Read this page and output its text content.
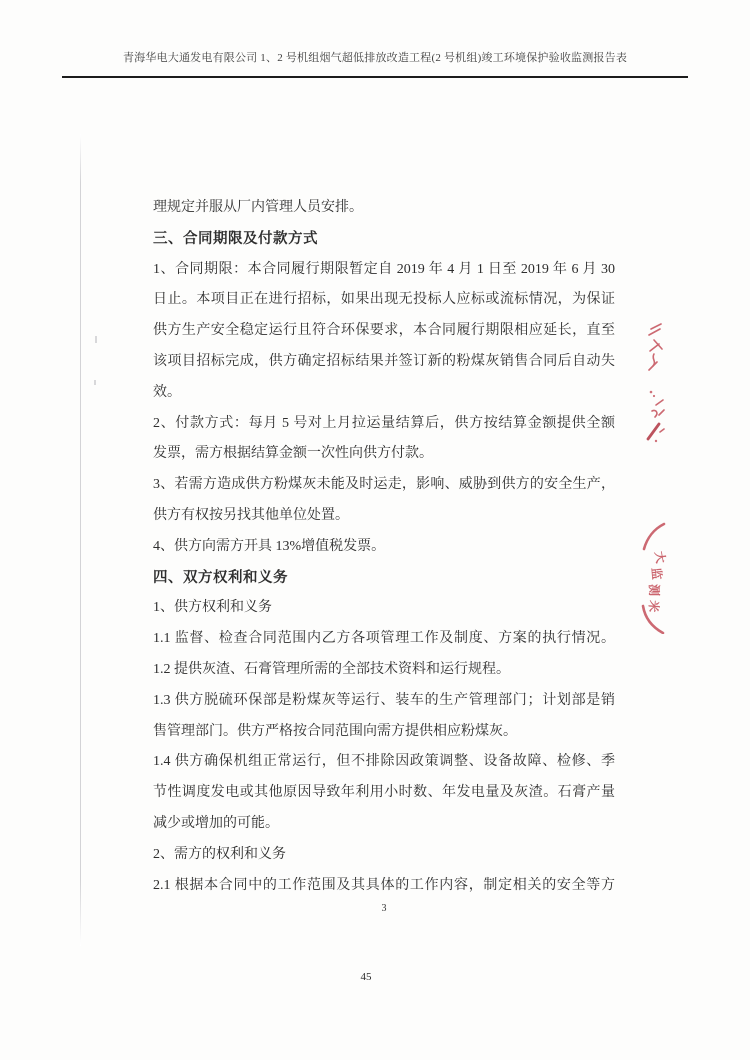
青海华电大通发电有限公司 1、2 号机组烟气超低排放改造工程(2 号机组)竣工环境保护验收监测报告表
理规定并服从厂内管理人员安排。
三、合同期限及付款方式
1、合同期限：本合同履行期限暂定自 2019 年 4 月 1 日至 2019 年 6 月 30
日止。本项目正在进行招标，如果出现无投标人应标或流标情况，为保证
供方生产安全稳定运行且符合环保要求，本合同履行期限相应延长，直至
该项目招标完成，供方确定招标结果并签订新的粉煤灰销售合同后自动失
效。
2、付款方式：每月 5 号对上月拉运量结算后，供方按结算金额提供全额
发票，需方根据结算金额一次性向供方付款。
3、若需方造成供方粉煤灰未能及时运走，影响、威胁到供方的安全生产，
供方有权按另找其他单位处置。
4、供方向需方开具 13%增值税发票。
四、双方权利和义务
1、供方权利和义务
1.1 监督、检查合同范围内乙方各项管理工作及制度、方案的执行情况。
1.2 提供灰渣、石膏管理所需的全部技术资料和运行规程。
1.3 供方脱硫环保部是粉煤灰等运行、装车的生产管理部门；计划部是销
售管理部门。供方严格按合同范围向需方提供相应粉煤灰。
1.4 供方确保机组正常运行，但不排除因政策调整、设备故障、检修、季
节性调度发电或其他原因导致年利用小时数、年发电量及灰渣。石膏产量
减少或增加的可能。
2、需方的权利和义务
2.1 根据本合同中的工作范围及其具体的工作内容，制定相关的安全等方
3
45
大
监
测
米
